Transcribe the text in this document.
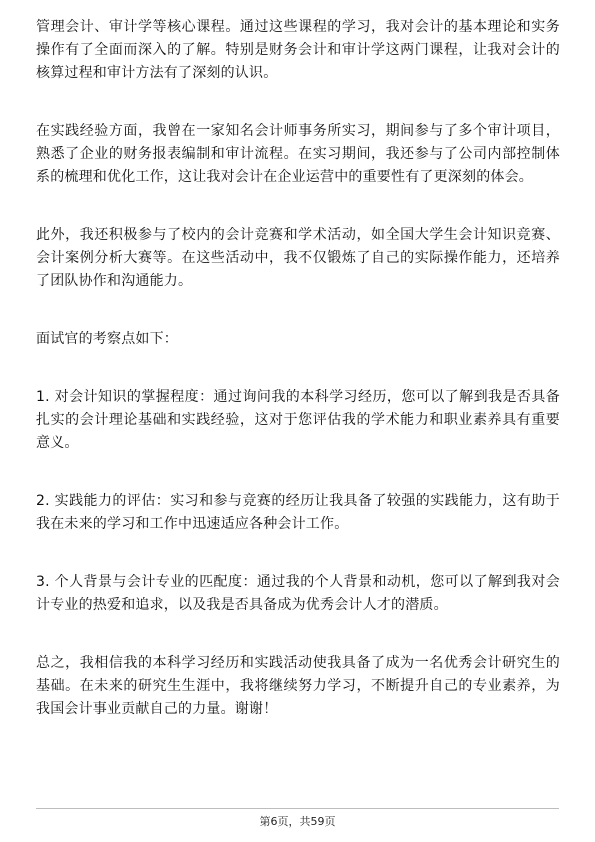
管理会计、审计学等核心课程。通过这些课程的学习，我对会计的基本理论和实务操作有了全面而深入的了解。特别是财务会计和审计学这两门课程，让我对会计的核算过程和审计方法有了深刻的认识。

在实践经验方面，我曾在一家知名会计师事务所实习，期间参与了多个审计项目，熟悉了企业的财务报表编制和审计流程。在实习期间，我还参与了公司内部控制体系的梳理和优化工作，这让我对会计在企业运营中的重要性有了更深刻的体会。

此外，我还积极参与了校内的会计竞赛和学术活动，如全国大学生会计知识竞赛、会计案例分析大赛等。在这些活动中，我不仅锻炼了自己的实际操作能力，还培养了团队协作和沟通能力。

面试官的考察点如下：

1. 对会计知识的掌握程度：通过询问我的本科学习经历，您可以了解到我是否具备扎实的会计理论基础和实践经验，这对于您评估我的学术能力和职业素养具有重要意义。

2. 实践能力的评估：实习和参与竞赛的经历让我具备了较强的实践能力，这有助于我在未来的学习和工作中迅速适应各种会计工作。

3. 个人背景与会计专业的匹配度：通过我的个人背景和动机，您可以了解到我对会计专业的热爱和追求，以及我是否具备成为优秀会计人才的潜质。

总之，我相信我的本科学习经历和实践活动使我具备了成为一名优秀会计研究生的基础。在未来的研究生生涯中，我将继续努力学习，不断提升自己的专业素养，为我国会计事业贡献自己的力量。谢谢！

第6页，共59页
